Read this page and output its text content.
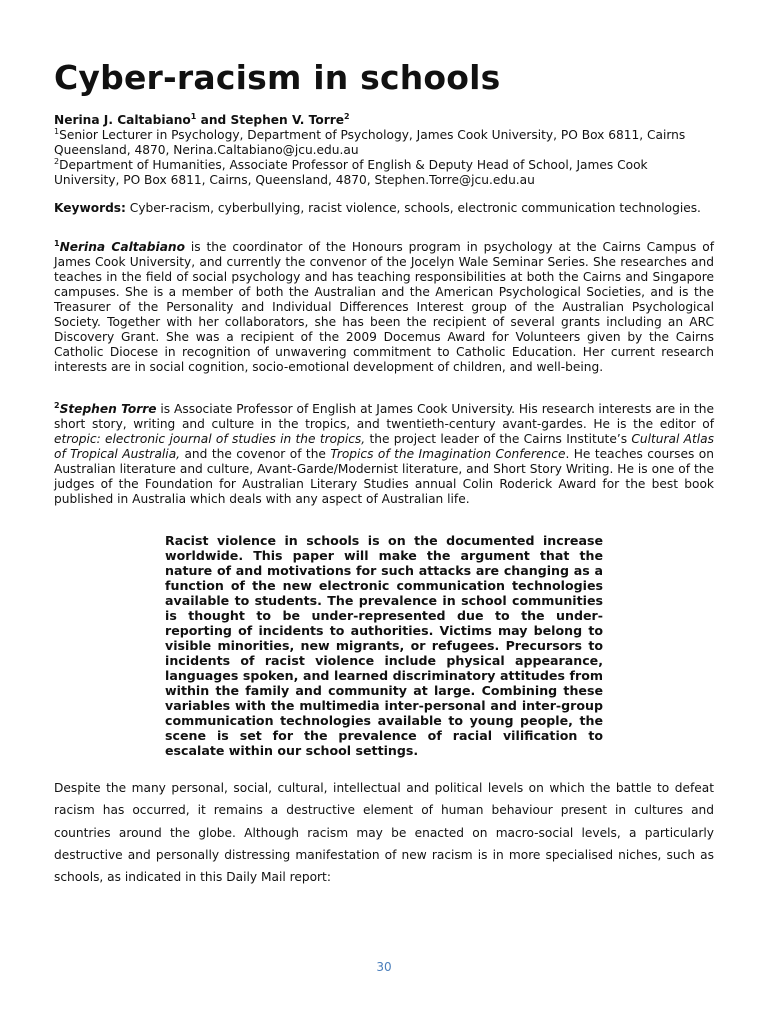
Cyber-racism in schools
Nerina J. Caltabiano$^1$ and Stephen V. Torre$^2$
$^1$Senior Lecturer in Psychology, Department of Psychology, James Cook University, PO Box 6811, Cairns Queensland, 4870, Nerina.Caltabiano@jcu.edu.au
$^2$Department of Humanities, Associate Professor of English & Deputy Head of School, James Cook University, PO Box 6811, Cairns, Queensland, 4870, Stephen.Torre@jcu.edu.au
Keywords: Cyber-racism, cyberbullying, racist violence, schools, electronic communication technologies.
$^1$Nerina Caltabiano is the coordinator of the Honours program in psychology at the Cairns Campus of James Cook University, and currently the convenor of the Jocelyn Wale Seminar Series. She researches and teaches in the field of social psychology and has teaching responsibilities at both the Cairns and Singapore campuses. She is a member of both the Australian and the American Psychological Societies, and is the Treasurer of the Personality and Individual Differences Interest group of the Australian Psychological Society. Together with her collaborators, she has been the recipient of several grants including an ARC Discovery Grant. She was a recipient of the 2009 Docemus Award for Volunteers given by the Cairns Catholic Diocese in recognition of unwavering commitment to Catholic Education. Her current research interests are in social cognition, socio-emotional development of children, and well-being.
$^2$Stephen Torre is Associate Professor of English at James Cook University. His research interests are in the short story, writing and culture in the tropics, and twentieth-century avant-gardes. He is the editor of etropic: electronic journal of studies in the tropics, the project leader of the Cairns Institute’s Cultural Atlas of Tropical Australia, and the covenor of the Tropics of the Imagination Conference. He teaches courses on Australian literature and culture, Avant-Garde/Modernist literature, and Short Story Writing. He is one of the judges of the Foundation for Australian Literary Studies annual Colin Roderick Award for the best book published in Australia which deals with any aspect of Australian life.
Racist violence in schools is on the documented increase worldwide. This paper will make the argument that the nature of and motivations for such attacks are changing as a function of the new electronic communication technologies available to students. The prevalence in school communities is thought to be under-represented due to the under-reporting of incidents to authorities. Victims may belong to visible minorities, new migrants, or refugees. Precursors to incidents of racist violence include physical appearance, languages spoken, and learned discriminatory attitudes from within the family and community at large. Combining these variables with the multimedia inter-personal and inter-group communication technologies available to young people, the scene is set for the prevalence of racial vilification to escalate within our school settings.
Despite the many personal, social, cultural, intellectual and political levels on which the battle to defeat racism has occurred, it remains a destructive element of human behaviour present in cultures and countries around the globe. Although racism may be enacted on macro-social levels, a particularly destructive and personally distressing manifestation of new racism is in more specialised niches, such as schools, as indicated in this Daily Mail report:
30
